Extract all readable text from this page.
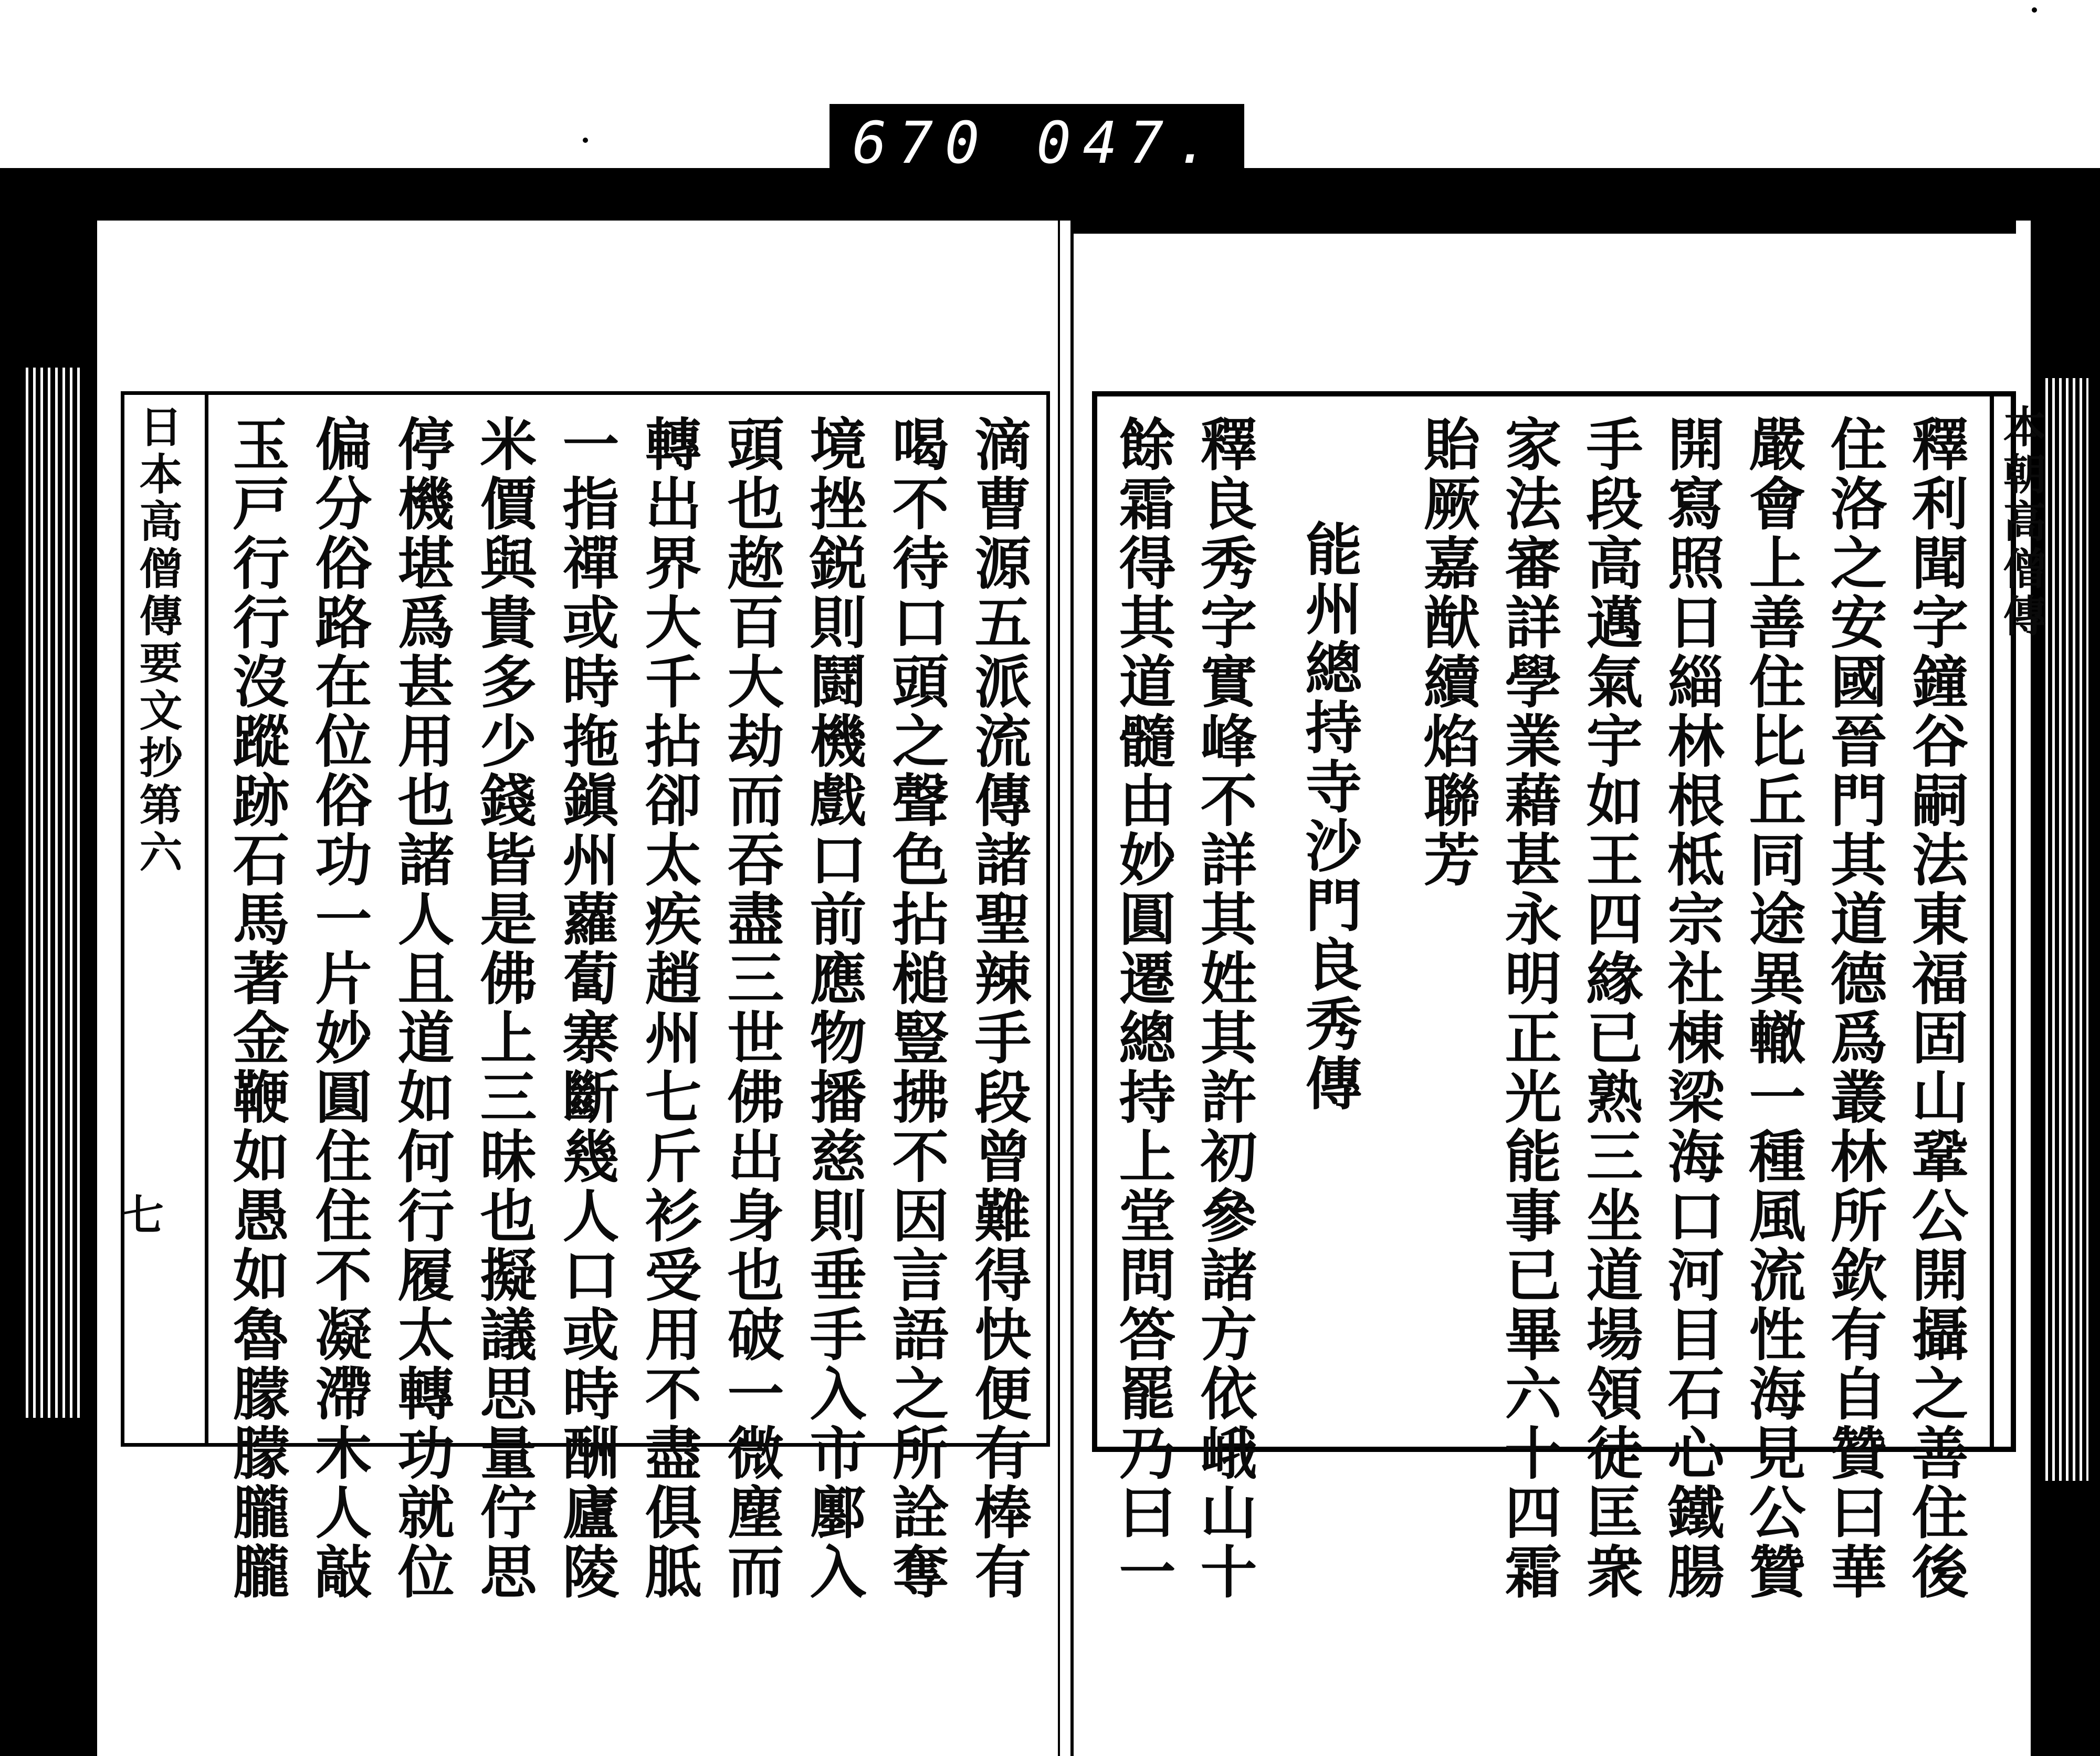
670 047.
日本高僧傳要文抄第六
七	滴曹源五派流傳諸聖辣手段曾難得快便有棒有
喝不待口頭之聲色拈槌豎拂不因言語之所詮奪
境挫鋭則鬪機戲口前應物播慈則垂手入市鄽入
頭也趂百大劫而吞盡三世佛出身也破一微塵而
轉出界大千拈卻太疾趙州七斤衫受用不盡俱胝
一指禪或時拖鎭州蘿蔔寨斷幾人口或時酬廬陵
米價與貴多少錢皆是佛上三昧也擬議思量佇思
停機堪爲甚用也諸人且道如何行履太轉功就位
偏分俗路在位俗功一片妙圓住住不凝滯木人敲
玉戸行行沒蹤跡石馬著金鞭如愚如魯朦朦朧朧	本朝高僧傳
釋利聞字鐘谷嗣法東福固山鞏公開攝之善住後
住洛之安國晉門其道德爲叢林所欽有自贊曰華
嚴會上善住比丘同途異轍一種風流性海見公贊
開寫照日緇林根柢宗社棟梁海口河目石心鐵腸
手段高邁氣宇如王四緣已熟三坐道場領徒匡衆
家法審詳學業藉甚永明正光能事已畢六十四霜
貽厥嘉猷續焰聯芳
能州總持寺沙門良秀傳
釋良秀字實峰不詳其姓其許初參諸方依峨山十
餘霜得其道髓由妙圓遷總持上堂問答罷乃曰一
